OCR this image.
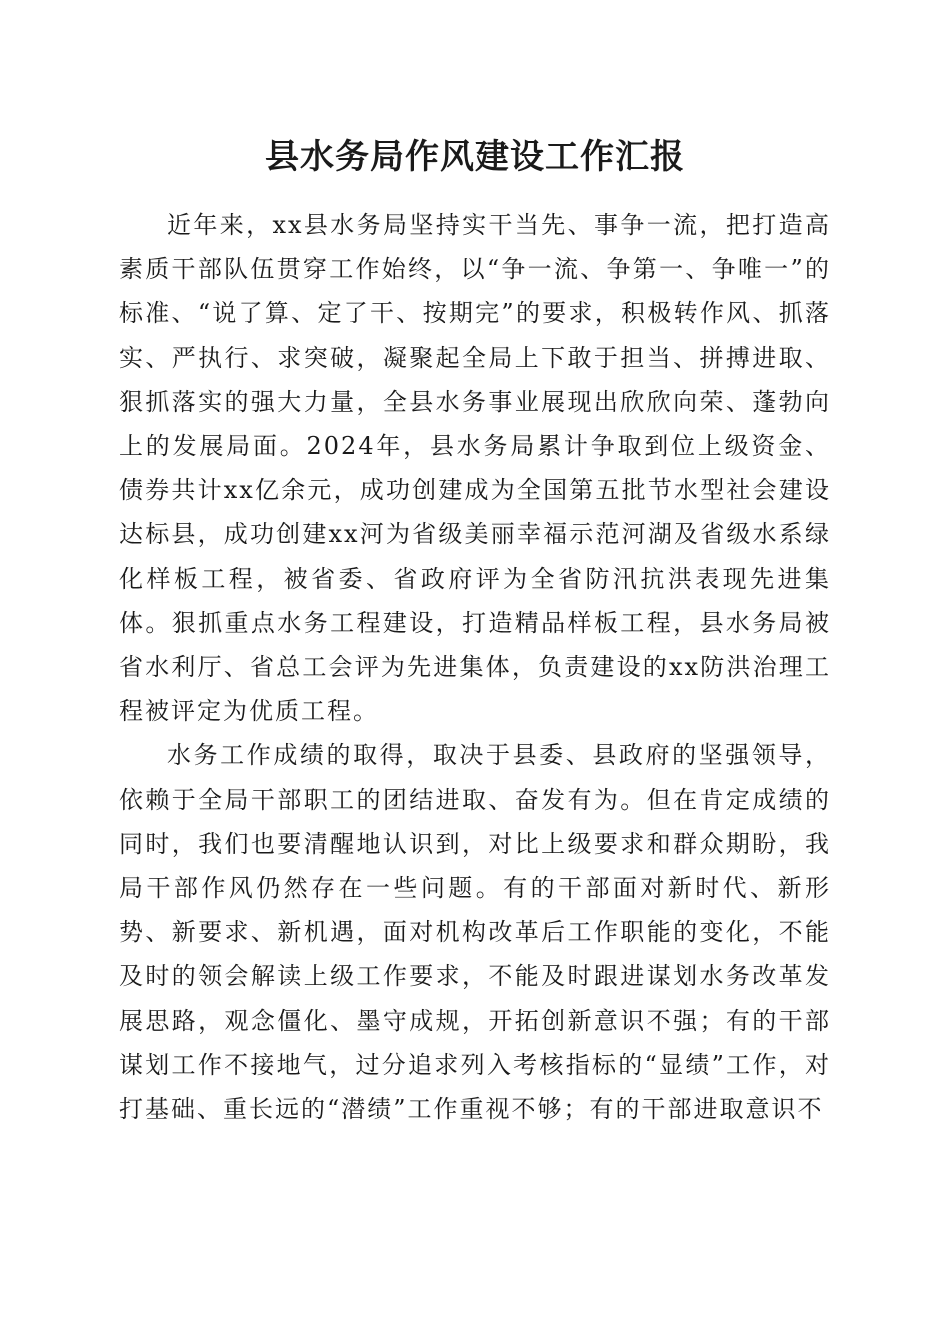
县水务局作风建设工作汇报

近年来，xx县水务局坚持实干当先、事争一流，把打造高素质干部队伍贯穿工作始终，以“争一流、争第一、争唯一”的标准、“说了算、定了干、按期完”的要求，积极转作风、抓落实、严执行、求突破，凝聚起全局上下敢于担当、拼搏进取、狠抓落实的强大力量，全县水务事业展现出欣欣向荣、蓬勃向上的发展局面。2024年，县水务局累计争取到位上级资金、债券共计xx亿余元，成功创建成为全国第五批节水型社会建设达标县，成功创建xx河为省级美丽幸福示范河湖及省级水系绿化样板工程，被省委、省政府评为全省防汛抗洪表现先进集体。狠抓重点水务工程建设，打造精品样板工程，县水务局被省水利厅、省总工会评为先进集体，负责建设的xx防洪治理工程被评定为优质工程。

水务工作成绩的取得，取决于县委、县政府的坚强领导，依赖于全局干部职工的团结进取、奋发有为。但在肯定成绩的同时，我们也要清醒地认识到，对比上级要求和群众期盼，我局干部作风仍然存在一些问题。有的干部面对新时代、新形势、新要求、新机遇，面对机构改革后工作职能的变化，不能及时的领会解读上级工作要求，不能及时跟进谋划水务改革发展思路，观念僵化、墨守成规，开拓创新意识不强；有的干部谋划工作不接地气，过分追求列入考核指标的“显绩”工作，对打基础、重长远的“潜绩”工作重视不够；有的干部进取意识不
